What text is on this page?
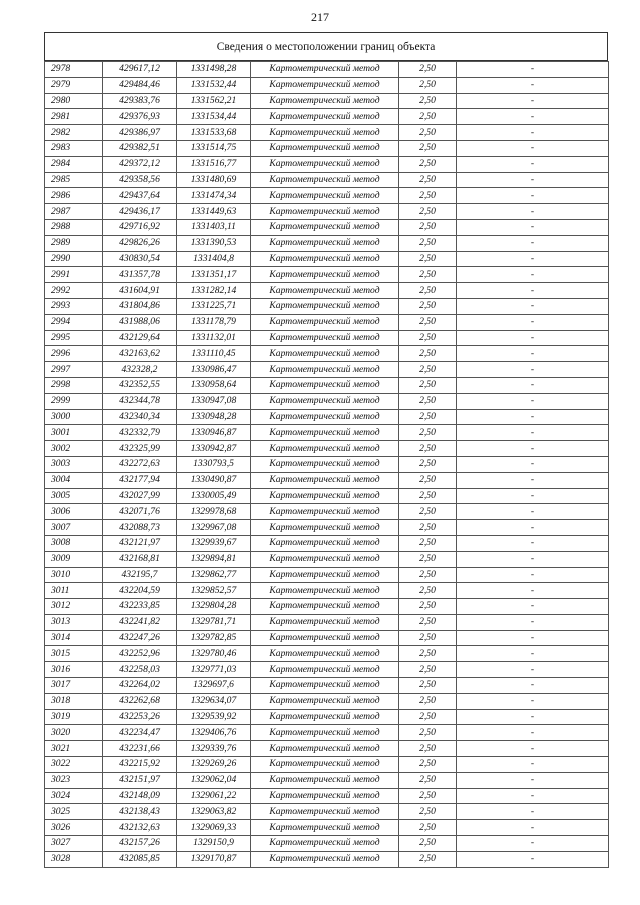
217
Сведения о местоположении границ объекта
2978	429617,12	1331498,28	Картометрический метод	2,50	-
2979	429484,46	1331532,44	Картометрический метод	2,50	-
2980	429383,76	1331562,21	Картометрический метод	2,50	-
2981	429376,93	1331534,44	Картометрический метод	2,50	-
2982	429386,97	1331533,68	Картометрический метод	2,50	-
2983	429382,51	1331514,75	Картометрический метод	2,50	-
2984	429372,12	1331516,77	Картометрический метод	2,50	-
2985	429358,56	1331480,69	Картометрический метод	2,50	-
2986	429437,64	1331474,34	Картометрический метод	2,50	-
2987	429436,17	1331449,63	Картометрический метод	2,50	-
2988	429716,92	1331403,11	Картометрический метод	2,50	-
2989	429826,26	1331390,53	Картометрический метод	2,50	-
2990	430830,54	1331404,8	Картометрический метод	2,50	-
2991	431357,78	1331351,17	Картометрический метод	2,50	-
2992	431604,91	1331282,14	Картометрический метод	2,50	-
2993	431804,86	1331225,71	Картометрический метод	2,50	-
2994	431988,06	1331178,79	Картометрический метод	2,50	-
2995	432129,64	1331132,01	Картометрический метод	2,50	-
2996	432163,62	1331110,45	Картометрический метод	2,50	-
2997	432328,2	1330986,47	Картометрический метод	2,50	-
2998	432352,55	1330958,64	Картометрический метод	2,50	-
2999	432344,78	1330947,08	Картометрический метод	2,50	-
3000	432340,34	1330948,28	Картометрический метод	2,50	-
3001	432332,79	1330946,87	Картометрический метод	2,50	-
3002	432325,99	1330942,87	Картометрический метод	2,50	-
3003	432272,63	1330793,5	Картометрический метод	2,50	-
3004	432177,94	1330490,87	Картометрический метод	2,50	-
3005	432027,99	1330005,49	Картометрический метод	2,50	-
3006	432071,76	1329978,68	Картометрический метод	2,50	-
3007	432088,73	1329967,08	Картометрический метод	2,50	-
3008	432121,97	1329939,67	Картометрический метод	2,50	-
3009	432168,81	1329894,81	Картометрический метод	2,50	-
3010	432195,7	1329862,77	Картометрический метод	2,50	-
3011	432204,59	1329852,57	Картометрический метод	2,50	-
3012	432233,85	1329804,28	Картометрический метод	2,50	-
3013	432241,82	1329781,71	Картометрический метод	2,50	-
3014	432247,26	1329782,85	Картометрический метод	2,50	-
3015	432252,96	1329780,46	Картометрический метод	2,50	-
3016	432258,03	1329771,03	Картометрический метод	2,50	-
3017	432264,02	1329697,6	Картометрический метод	2,50	-
3018	432262,68	1329634,07	Картометрический метод	2,50	-
3019	432253,26	1329539,92	Картометрический метод	2,50	-
3020	432234,47	1329406,76	Картометрический метод	2,50	-
3021	432231,66	1329339,76	Картометрический метод	2,50	-
3022	432215,92	1329269,26	Картометрический метод	2,50	-
3023	432151,97	1329062,04	Картометрический метод	2,50	-
3024	432148,09	1329061,22	Картометрический метод	2,50	-
3025	432138,43	1329063,82	Картометрический метод	2,50	-
3026	432132,63	1329069,33	Картометрический метод	2,50	-
3027	432157,26	1329150,9	Картометрический метод	2,50	-
3028	432085,85	1329170,87	Картометрический метод	2,50	-
